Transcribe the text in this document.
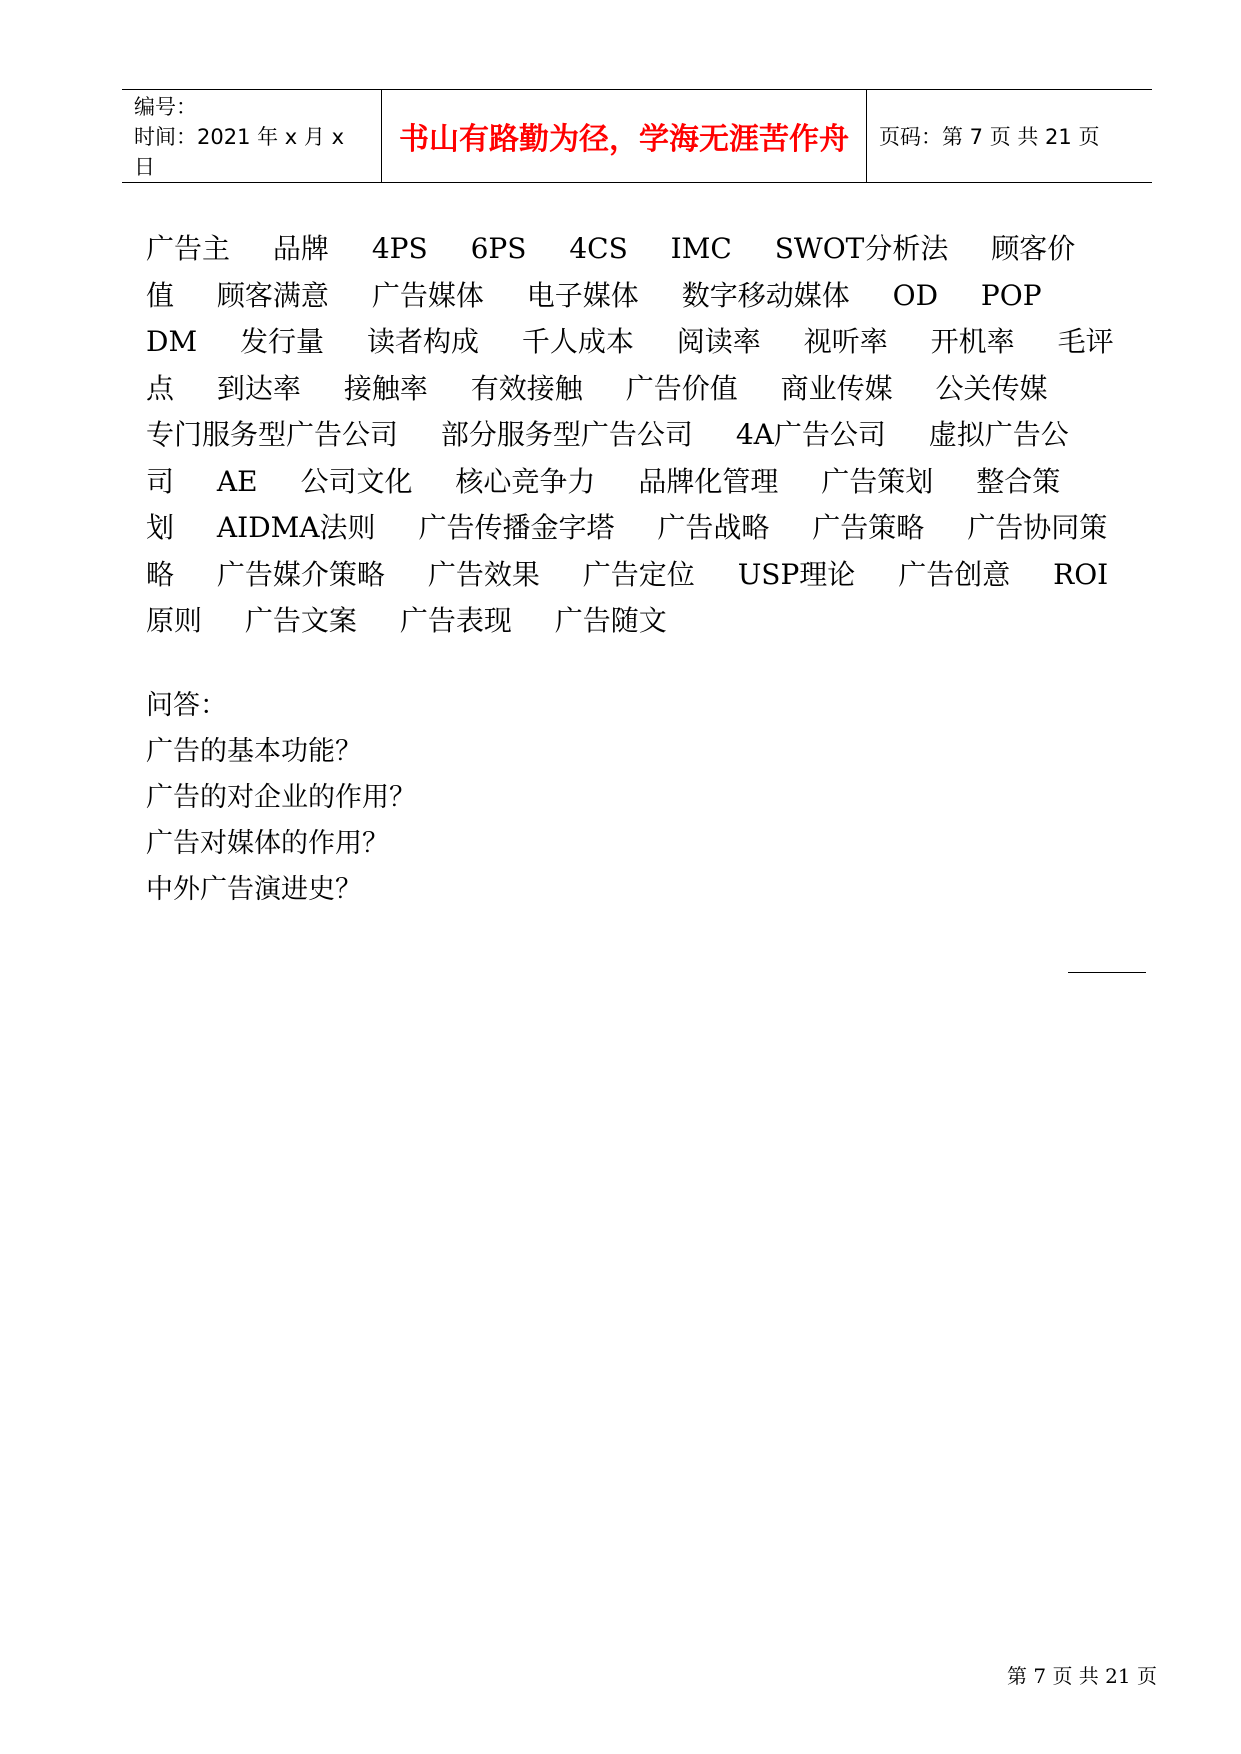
编号：
时间：2021 年 x 月 x 日
书山有路勤为径，学海无涯苦作舟 页码：第 7 页 共 21 页
广告主 品牌 4PS 6PS 4CS IMC SWOT分析法 顾客价值 顾客满意 广告媒体 电子媒体 数字移动媒体 OD POP DM 发行量 读者构成 千人成本 阅读率 视听率 开机率 毛评点 到达率 接触率 有效接触 广告价值 商业传媒 公关传媒 专门服务型广告公司 部分服务型广告公司 4A广告公司 虚拟广告公司 AE 公司文化 核心竞争力 品牌化管理 广告策划 整合策划 AIDMA法则 广告传播金字塔 广告战略 广告策略 广告协同策略 广告媒介策略 广告效果 广告定位 USP理论 广告创意 ROI原则 广告文案 广告表现 广告随文
问答：
广告的基本功能？
广告的对企业的作用？
广告对媒体的作用？
中外广告演进史？
第 7 页 共 21 页
